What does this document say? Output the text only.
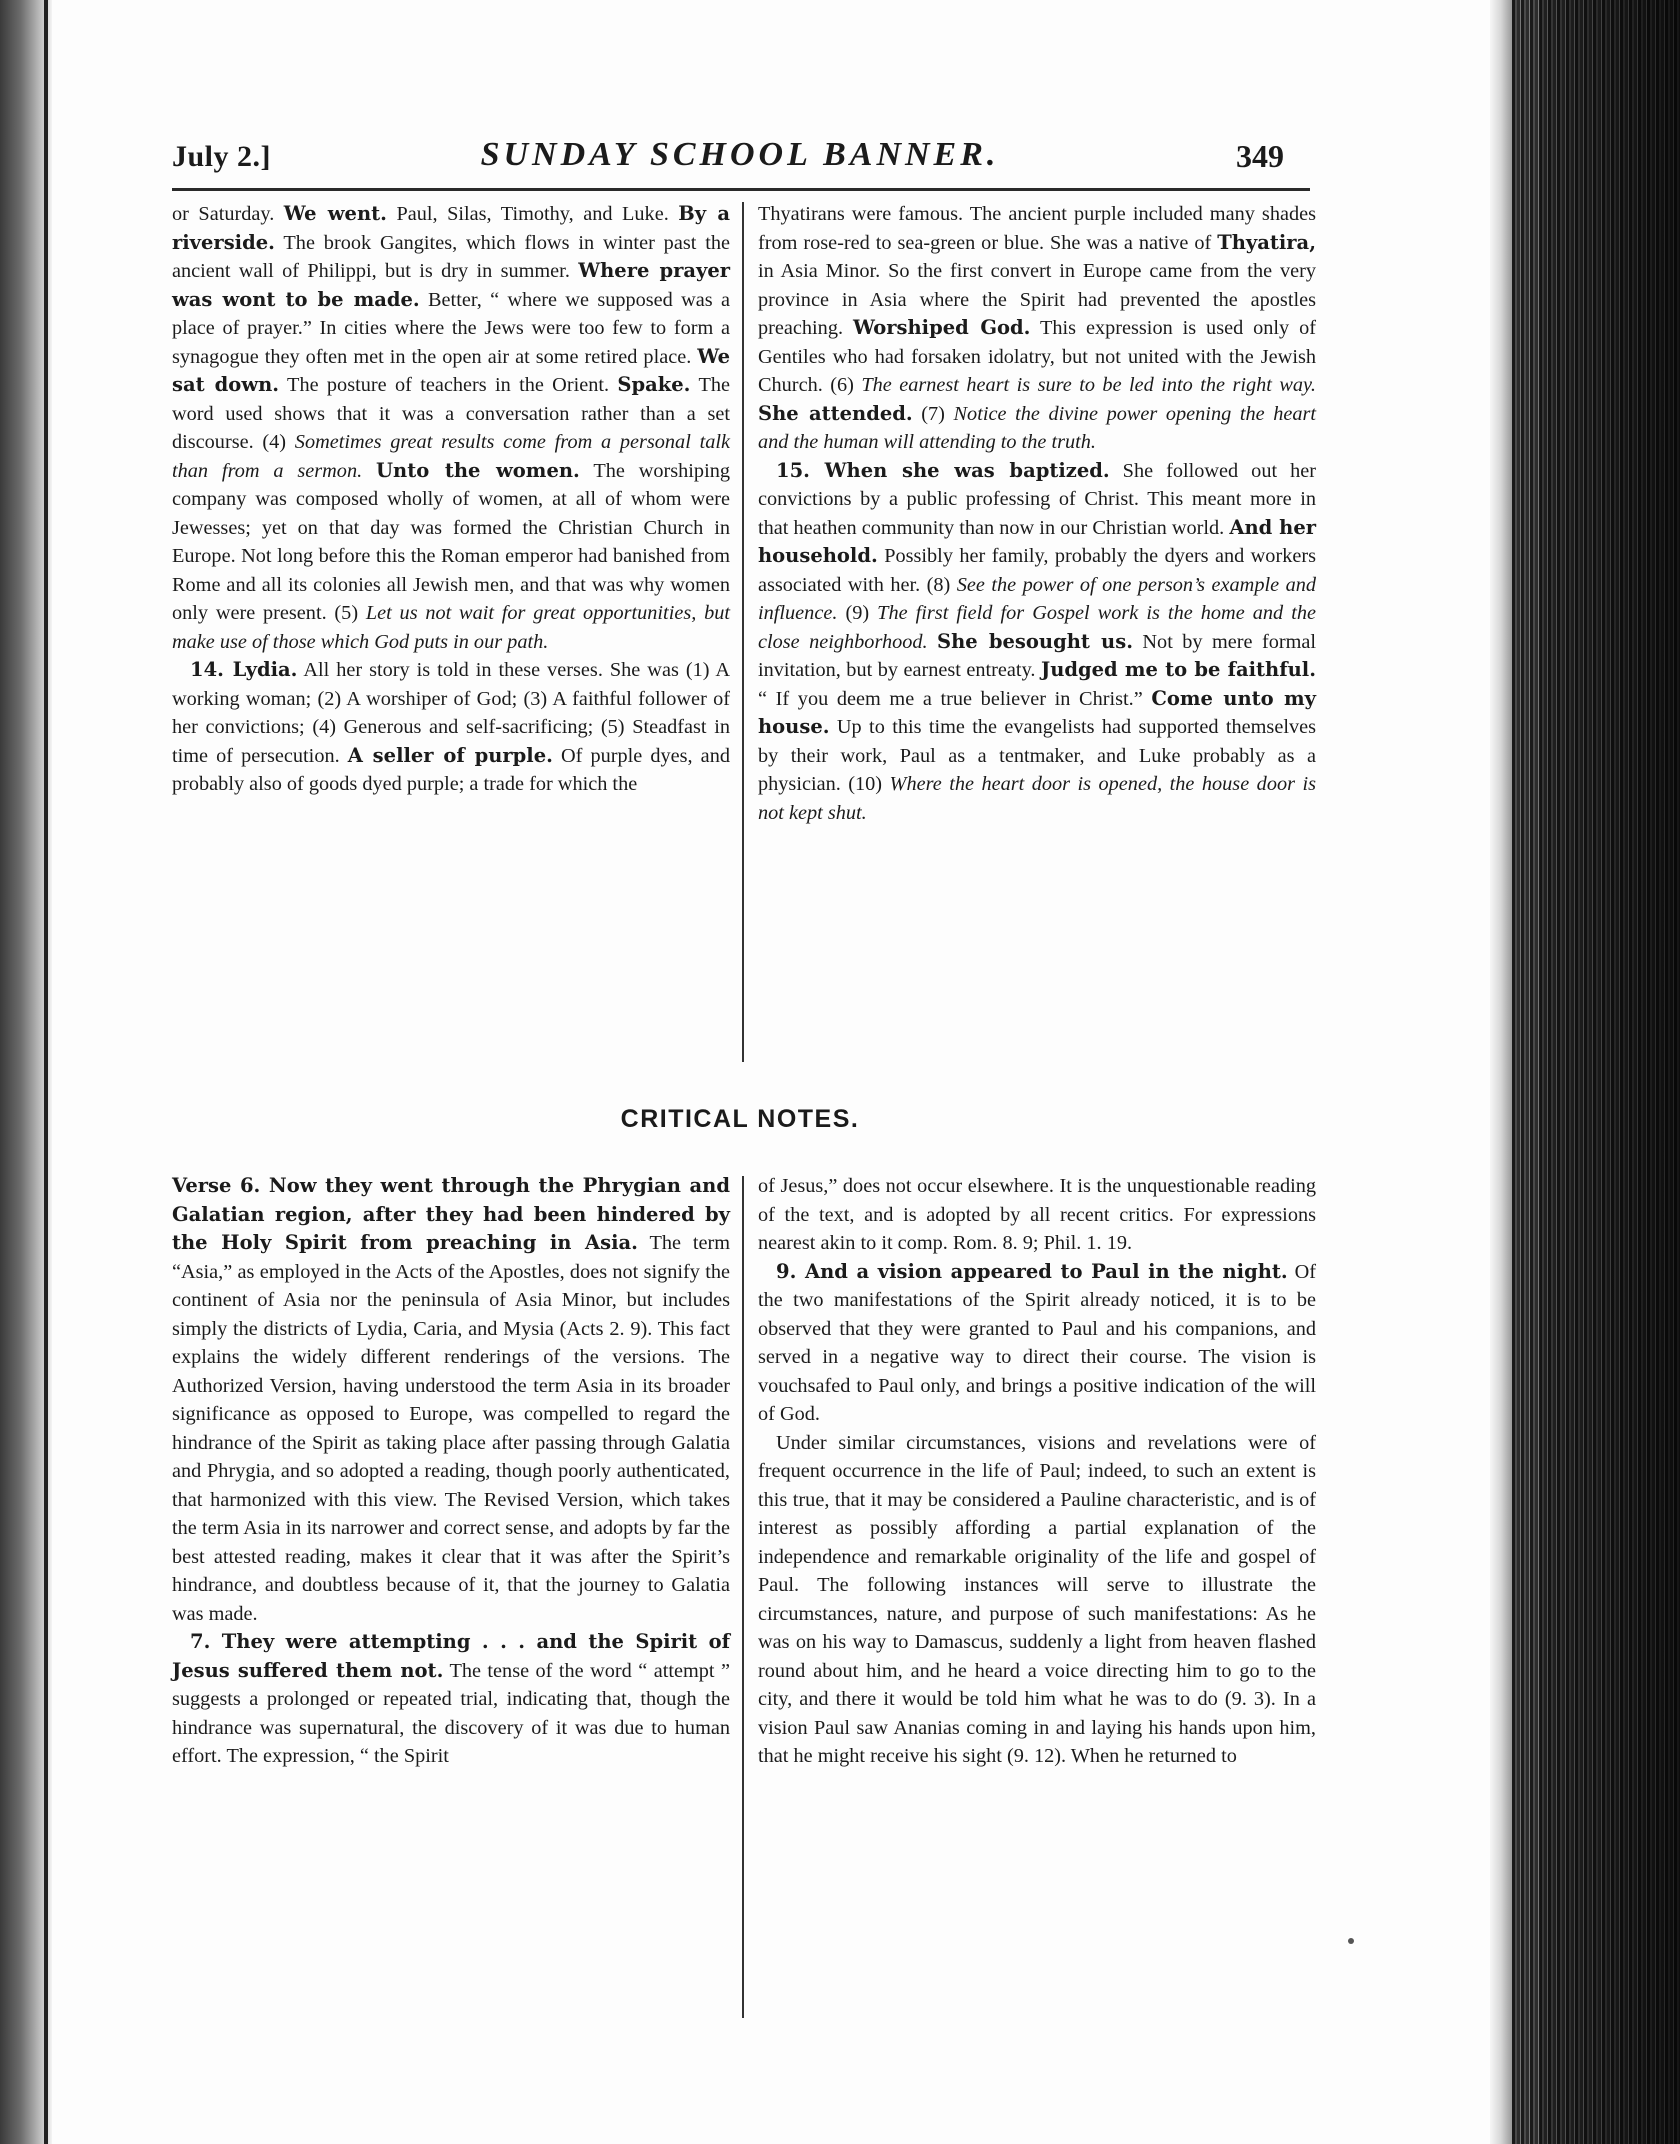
July 2.]	SUNDAY SCHOOL BANNER.	349

or Saturday. We went. Paul, Silas, Timothy, and Luke. By a riverside. The brook Gangites, which flows in winter past the ancient wall of Philippi, but is dry in summer. Where prayer was wont to be made. Better, “ where we supposed was a place of prayer.” In cities where the Jews were too few to form a synagogue they often met in the open air at some retired place. We sat down. The posture of teachers in the Orient. Spake. The word used shows that it was a conversation rather than a set discourse. (4) Sometimes great results come from a personal talk than from a sermon. Unto the women. The worshiping company was composed wholly of women, at all of whom were Jewesses; yet on that day was formed the Christian Church in Europe. Not long before this the Roman emperor had banished from Rome and all its colonies all Jewish men, and that was why women only were present. (5) Let us not wait for great opportunities, but make use of those which God puts in our path.

14. Lydia. All her story is told in these verses. She was (1) A working woman; (2) A worshiper of God; (3) A faithful follower of her convictions; (4) Generous and self-sacrificing; (5) Steadfast in time of persecution. A seller of purple. Of purple dyes, and probably also of goods dyed purple; a trade for which the

Thyatirans were famous. The ancient purple included many shades from rose-red to sea-green or blue. She was a native of Thyatira, in Asia Minor. So the first convert in Europe came from the very province in Asia where the Spirit had prevented the apostles preaching. Worshiped God. This expression is used only of Gentiles who had forsaken idolatry, but not united with the Jewish Church. (6) The earnest heart is sure to be led into the right way. She attended. (7) Notice the divine power opening the heart and the human will attending to the truth.

15. When she was baptized. She followed out her convictions by a public professing of Christ. This meant more in that heathen community than now in our Christian world. And her household. Possibly her family, probably the dyers and workers associated with her. (8) See the power of one person’s example and influence. (9) The first field for Gospel work is the home and the close neighborhood. She besought us. Not by mere formal invitation, but by earnest entreaty. Judged me to be faithful. “ If you deem me a true believer in Christ.” Come unto my house. Up to this time the evangelists had supported themselves by their work, Paul as a tentmaker, and Luke probably as a physician. (10) Where the heart door is opened, the house door is not kept shut.

CRITICAL NOTES.

Verse 6. Now they went through the Phrygian and Galatian region, after they had been hindered by the Holy Spirit from preaching in Asia. The term “Asia,” as employed in the Acts of the Apostles, does not signify the continent of Asia nor the peninsula of Asia Minor, but includes simply the districts of Lydia, Caria, and Mysia (Acts 2. 9). This fact explains the widely different renderings of the versions. The Authorized Version, having understood the term Asia in its broader significance as opposed to Europe, was compelled to regard the hindrance of the Spirit as taking place after passing through Galatia and Phrygia, and so adopted a reading, though poorly authenticated, that harmonized with this view. The Revised Version, which takes the term Asia in its narrower and correct sense, and adopts by far the best attested reading, makes it clear that it was after the Spirit’s hindrance, and doubtless because of it, that the journey to Galatia was made.

7. They were attempting . . . and the Spirit of Jesus suffered them not. The tense of the word “ attempt ” suggests a prolonged or repeated trial, indicating that, though the hindrance was supernatural, the discovery of it was due to human effort. The expression, “ the Spirit

of Jesus,” does not occur elsewhere. It is the unquestionable reading of the text, and is adopted by all recent critics. For expressions nearest akin to it comp. Rom. 8. 9; Phil. 1. 19.

9. And a vision appeared to Paul in the night. Of the two manifestations of the Spirit already noticed, it is to be observed that they were granted to Paul and his companions, and served in a negative way to direct their course. The vision is vouchsafed to Paul only, and brings a positive indication of the will of God.

Under similar circumstances, visions and revelations were of frequent occurrence in the life of Paul; indeed, to such an extent is this true, that it may be considered a Pauline characteristic, and is of interest as possibly affording a partial explanation of the independence and remarkable originality of the life and gospel of Paul. The following instances will serve to illustrate the circumstances, nature, and purpose of such manifestations: As he was on his way to Damascus, suddenly a light from heaven flashed round about him, and he heard a voice directing him to go to the city, and there it would be told him what he was to do (9. 3). In a vision Paul saw Ananias coming in and laying his hands upon him, that he might receive his sight (9. 12). When he returned to
